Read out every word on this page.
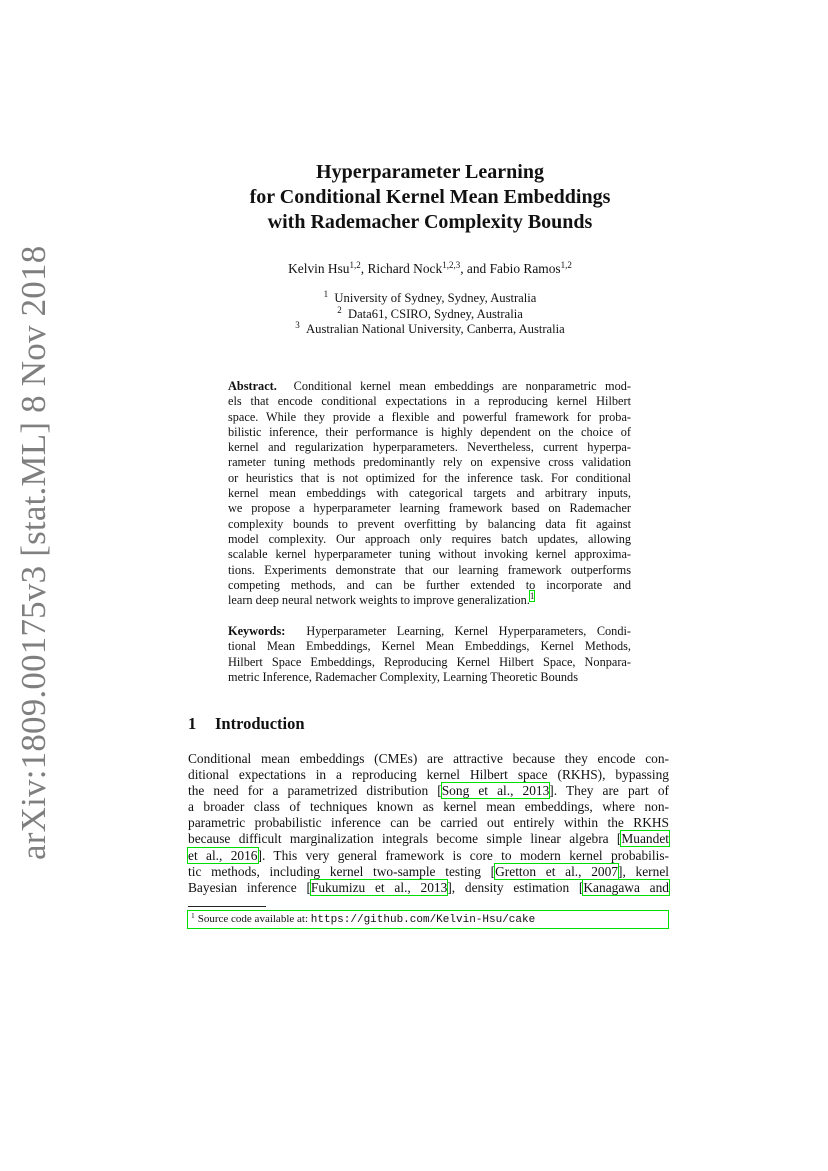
arXiv:1809.00175v3 [stat.ML] 8 Nov 2018
Hyperparameter Learning
for Conditional Kernel Mean Embeddings
with Rademacher Complexity Bounds
Kelvin Hsu$^{1,2}$, Richard Nock$^{1,2,3}$, and Fabio Ramos$^{1,2}$
$^1$ University of Sydney, Sydney, Australia
$^2$ Data61, CSIRO, Sydney, Australia
$^3$ Australian National University, Canberra, Australia
Abstract. Conditional kernel mean embeddings are nonparametric mod-
els that encode conditional expectations in a reproducing kernel Hilbert
space. While they provide a flexible and powerful framework for proba-
bilistic inference, their performance is highly dependent on the choice of
kernel and regularization hyperparameters. Nevertheless, current hyperpa-
rameter tuning methods predominantly rely on expensive cross validation
or heuristics that is not optimized for the inference task. For conditional
kernel mean embeddings with categorical targets and arbitrary inputs,
we propose a hyperparameter learning framework based on Rademacher
complexity bounds to prevent overfitting by balancing data fit against
model complexity. Our approach only requires batch updates, allowing
scalable kernel hyperparameter tuning without invoking kernel approxima-
tions. Experiments demonstrate that our learning framework outperforms
competing methods, and can be further extended to incorporate and
learn deep neural network weights to improve generalization.$^1$
Keywords: Hyperparameter Learning, Kernel Hyperparameters, Condi-
tional Mean Embeddings, Kernel Mean Embeddings, Kernel Methods,
Hilbert Space Embeddings, Reproducing Kernel Hilbert Space, Nonpara-
metric Inference, Rademacher Complexity, Learning Theoretic Bounds
1 Introduction
Conditional mean embeddings (CMEs) are attractive because they encode con-
ditional expectations in a reproducing kernel Hilbert space (RKHS), bypassing
the need for a parametrized distribution [Song et al., 2013]. They are part of
a broader class of techniques known as kernel mean embeddings, where non-
parametric probabilistic inference can be carried out entirely within the RKHS
because difficult marginalization integrals become simple linear algebra [Muandet
et al., 2016]. This very general framework is core to modern kernel probabilis-
tic methods, including kernel two-sample testing [Gretton et al., 2007], kernel
Bayesian inference [Fukumizu et al., 2013], density estimation [Kanagawa and
$^1$ Source code available at: https://github.com/Kelvin-Hsu/cake
